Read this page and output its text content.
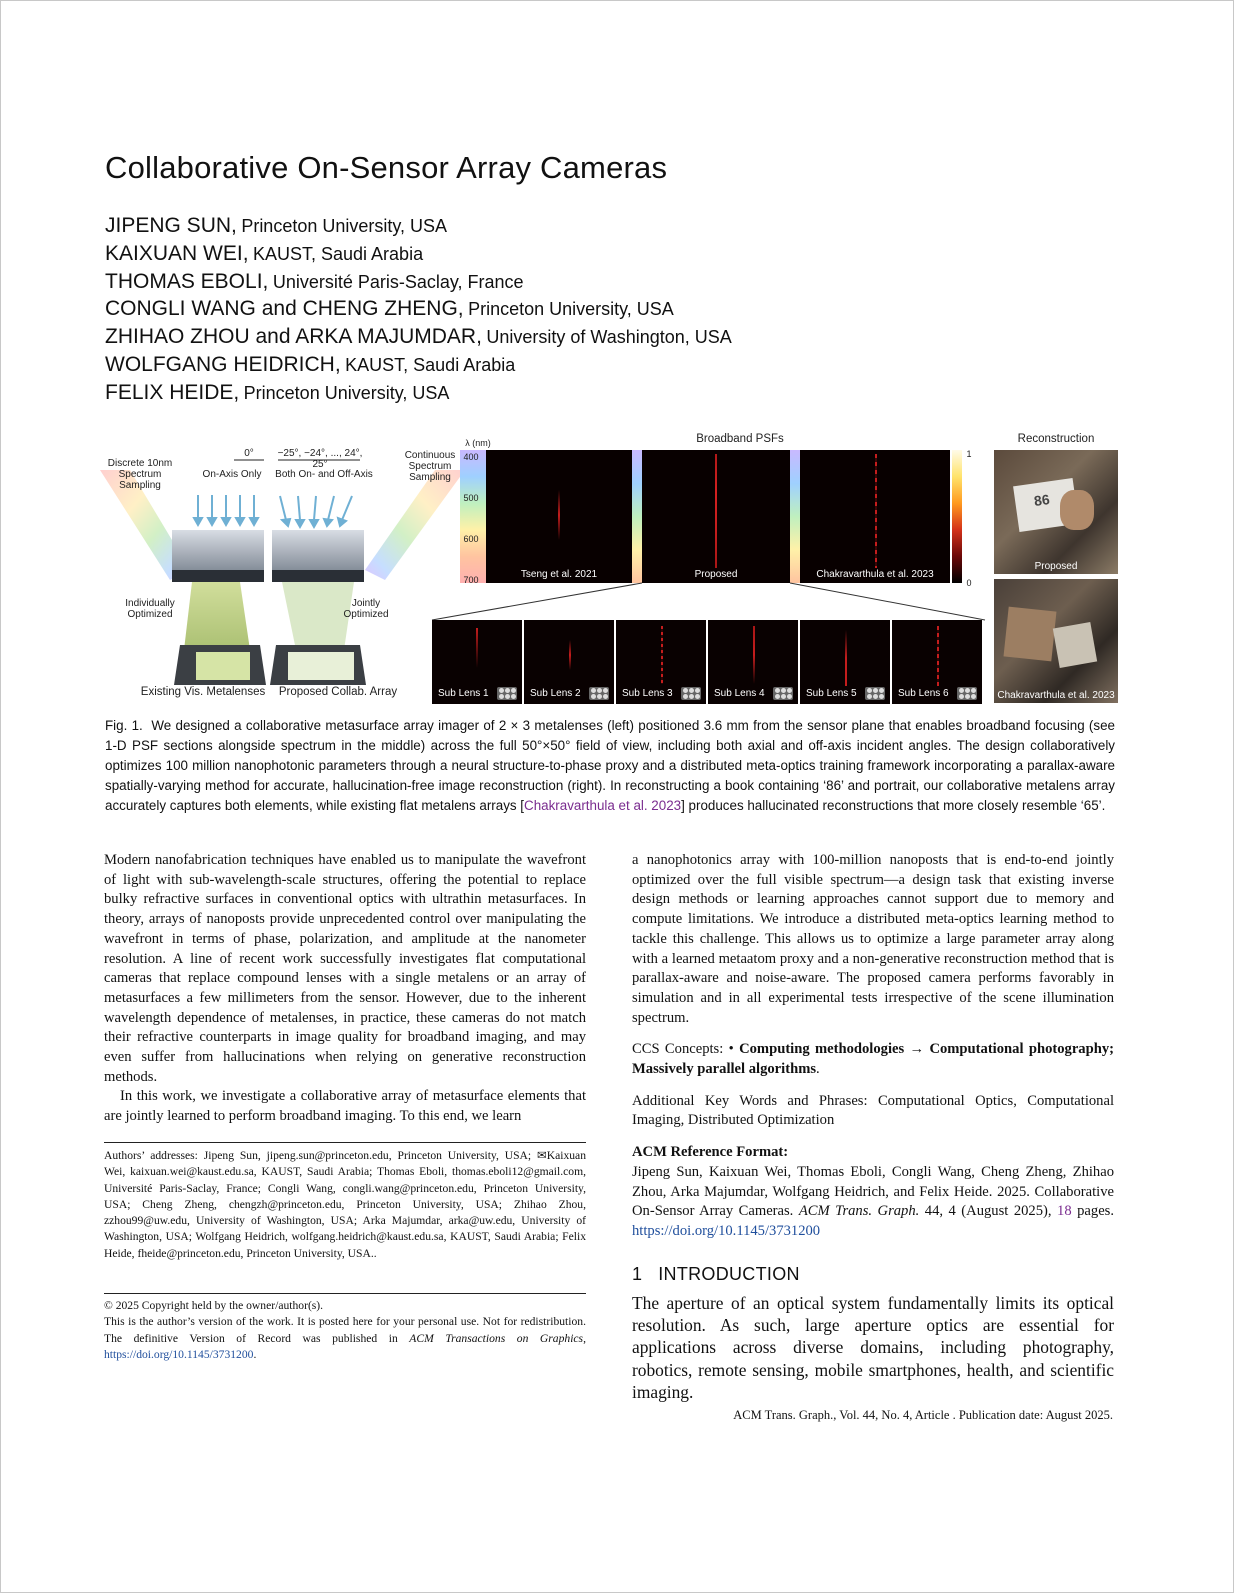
Collaborative On-Sensor Array Cameras
JIPENG SUN, Princeton University, USA
KAIXUAN WEI, KAUST, Saudi Arabia
THOMAS EBOLI, Université Paris-Saclay, France
CONGLI WANG and CHENG ZHENG, Princeton University, USA
ZHIHAO ZHOU and ARKA MAJUMDAR, University of Washington, USA
WOLFGANG HEIDRICH, KAUST, Saudi Arabia
FELIX HEIDE, Princeton University, USA
Discrete 10nm Spectrum Sampling
0°
On-Axis Only
−25°, −24°, ..., 24°, 25°
Both On- and Off-Axis
Continuous Spectrum Sampling
Individually Optimized
Jointly Optimized
Existing Vis. Metalenses	Proposed Collab. Array
Broadband PSFs
λ (nm)
400
500
600
700	Tseng et al. 2021	Proposed	Chakravarthula et al. 2023
1
0
Sub Lens 1	Sub Lens 2	Sub Lens 3	Sub Lens 4	Sub Lens 5	Sub Lens 6
Reconstruction
86
Proposed
Chakravarthula et al. 2023
Fig. 1. We designed a collaborative metasurface array imager of 2 × 3 metalenses (left) positioned 3.6 mm from the sensor plane that enables broadband focusing (see 1-D PSF sections alongside spectrum in the middle) across the full 50°×50° field of view, including both axial and off-axis incident angles. The design collaboratively optimizes 100 million nanophotonic parameters through a neural structure-to-phase proxy and a distributed meta-optics training framework incorporating a parallax-aware spatially-varying method for accurate, hallucination-free image reconstruction (right). In reconstructing a book containing ‘86’ and portrait, our collaborative metalens array accurately captures both elements, while existing flat metalens arrays [Chakravarthula et al. 2023] produces hallucinated reconstructions that more closely resemble ‘65’.

Modern nanofabrication techniques have enabled us to manipulate the wavefront of light with sub-wavelength-scale structures, offering the potential to replace bulky refractive surfaces in conventional optics with ultrathin metasurfaces. In theory, arrays of nanoposts provide unprecedented control over manipulating the wavefront in terms of phase, polarization, and amplitude at the nanometer resolution. A line of recent work successfully investigates flat computational cameras that replace compound lenses with a single metalens or an array of metasurfaces a few millimeters from the sensor. However, due to the inherent wavelength dependence of metalenses, in practice, these cameras do not match their refractive counterparts in image quality for broadband imaging, and may even suffer from hallucinations when relying on generative reconstruction methods.

In this work, we investigate a collaborative array of metasurface elements that are jointly learned to perform broadband imaging. To this end, we learn

Authors’ addresses: Jipeng Sun, jipeng.sun@princeton.edu, Princeton University, USA; ✉Kaixuan Wei, kaixuan.wei@kaust.edu.sa, KAUST, Saudi Arabia; Thomas Eboli, thomas.eboli12@gmail.com, Université Paris-Saclay, France; Congli Wang, congli.wang@princeton.edu, Princeton University, USA; Cheng Zheng, chengzh@princeton.edu, Princeton University, USA; Zhihao Zhou, zzhou99@uw.edu, University of Washington, USA; Arka Majumdar, arka@uw.edu, University of Washington, USA; Wolfgang Heidrich, wolfgang.heidrich@kaust.edu.sa, KAUST, Saudi Arabia; Felix Heide, fheide@princeton.edu, Princeton University, USA..
© 2025 Copyright held by the owner/author(s).
This is the author’s version of the work. It is posted here for your personal use. Not for redistribution. The definitive Version of Record was published in ACM Transactions on Graphics, https://doi.org/10.1145/3731200.

a nanophotonics array with 100-million nanoposts that is end-to-end jointly optimized over the full visible spectrum—a design task that existing inverse design methods or learning approaches cannot support due to memory and compute limitations. We introduce a distributed meta-optics learning method to tackle this challenge. This allows us to optimize a large parameter array along with a learned metaatom proxy and a non-generative reconstruction method that is parallax-aware and noise-aware. The proposed camera performs favorably in simulation and in all experimental tests irrespective of the scene illumination spectrum.

CCS Concepts: • Computing methodologies → Computational photography; Massively parallel algorithms.

Additional Key Words and Phrases: Computational Optics, Computational Imaging, Distributed Optimization

ACM Reference Format:
Jipeng Sun, Kaixuan Wei, Thomas Eboli, Congli Wang, Cheng Zheng, Zhihao Zhou, Arka Majumdar, Wolfgang Heidrich, and Felix Heide. 2025. Collaborative On-Sensor Array Cameras. ACM Trans. Graph. 44, 4 (August 2025), 18 pages. https://doi.org/10.1145/3731200
1 INTRODUCTION
The aperture of an optical system fundamentally limits its optical resolution. As such, large aperture optics are essential for applications across diverse domains, including photography, robotics, remote sensing, mobile smartphones, health, and scientific imaging.
ACM Trans. Graph., Vol. 44, No. 4, Article . Publication date: August 2025.
